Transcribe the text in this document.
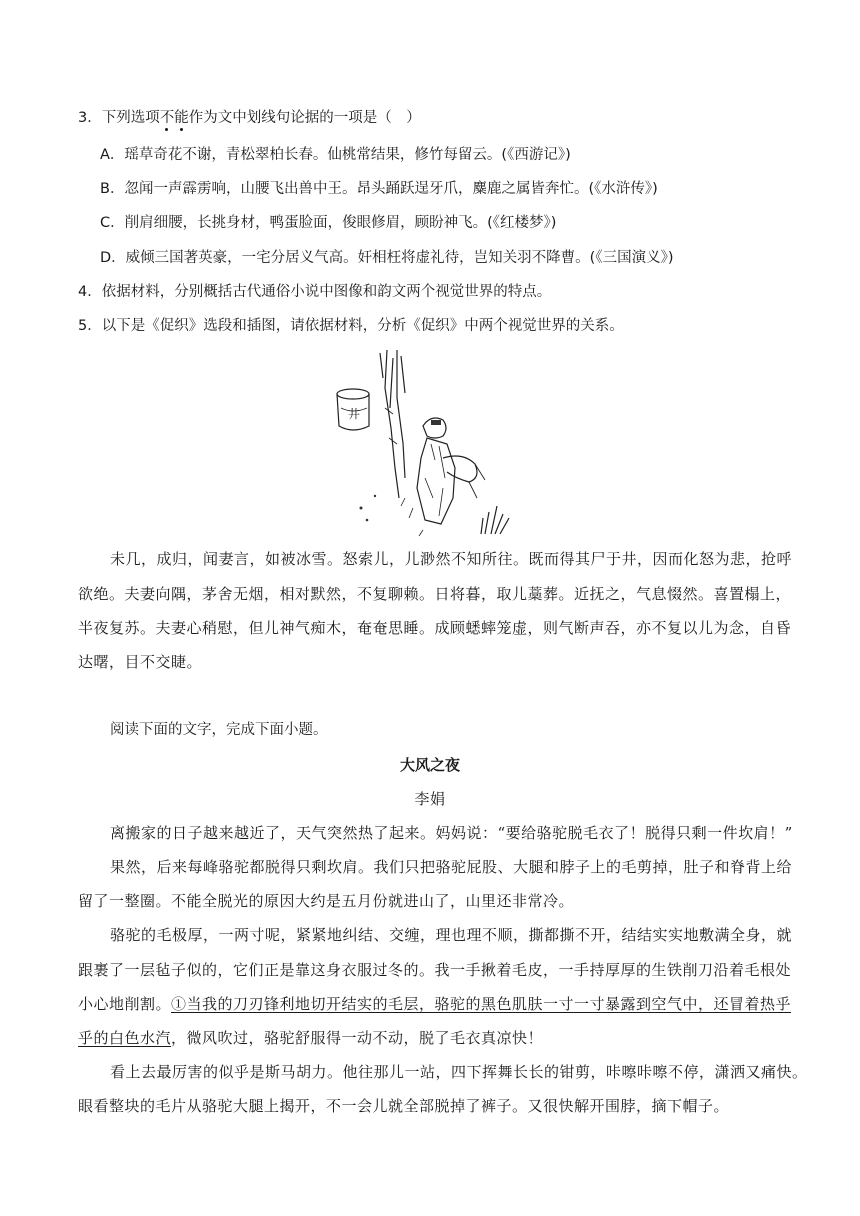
3．下列选项不能作为文中划线句论据的一项是（　）
A．瑶草奇花不谢，青松翠柏长春。仙桃常结果，修竹每留云。(《西游记》)
B．忽闻一声霹雳响，山腰飞出兽中王。昂头踊跃逞牙爪，麋鹿之属皆奔忙。(《水浒传》)
C．削肩细腰，长挑身材，鸭蛋脸面，俊眼修眉，顾盼神飞。(《红楼梦》)
D．威倾三国著英豪，一宅分居义气高。奸相枉将虚礼待，岂知关羽不降曹。(《三国演义》)
4．依据材料，分别概括古代通俗小说中图像和韵文两个视觉世界的特点。
5．以下是《促织》选段和插图，请依据材料，分析《促织》中两个视觉世界的关系。
井
未几，成归，闻妻言，如被冰雪。怒索儿，儿渺然不知所往。既而得其尸于井，因而化怒为悲，抢呼
欲绝。夫妻向隅，茅舍无烟，相对默然，不复聊赖。日将暮，取儿藁葬。近抚之，气息惙然。喜置榻上，
半夜复苏。夫妻心稍慰，但儿神气痴木，奄奄思睡。成顾蟋蟀笼虚，则气断声吞，亦不复以儿为念，自昏
达曙，目不交睫。
阅读下面的文字，完成下面小题。
大风之夜
李娟
离搬家的日子越来越近了，天气突然热了起来。妈妈说：“要给骆驼脱毛衣了！脱得只剩一件坎肩！”
果然，后来每峰骆驼都脱得只剩坎肩。我们只把骆驼屁股、大腿和脖子上的毛剪掉，肚子和脊背上给
留了一整圈。不能全脱光的原因大约是五月份就进山了，山里还非常冷。
骆驼的毛极厚，一两寸呢，紧紧地纠结、交缠，理也理不顺，撕都撕不开，结结实实地敷满全身，就
跟裹了一层毡子似的，它们正是靠这身衣服过冬的。我一手揪着毛皮，一手持厚厚的生铁削刀沿着毛根处
小心地削割。①当我的刀刃锋利地切开结实的毛层，骆驼的黑色肌肤一寸一寸暴露到空气中，还冒着热乎
乎的白色水汽，微风吹过，骆驼舒服得一动不动，脱了毛衣真凉快！
看上去最厉害的似乎是斯马胡力。他往那儿一站，四下挥舞长长的钳剪，咔嚓咔嚓不停，潇洒又痛快。
眼看整块的毛片从骆驼大腿上揭开，不一会儿就全部脱掉了裤子。又很快解开围脖，摘下帽子。
